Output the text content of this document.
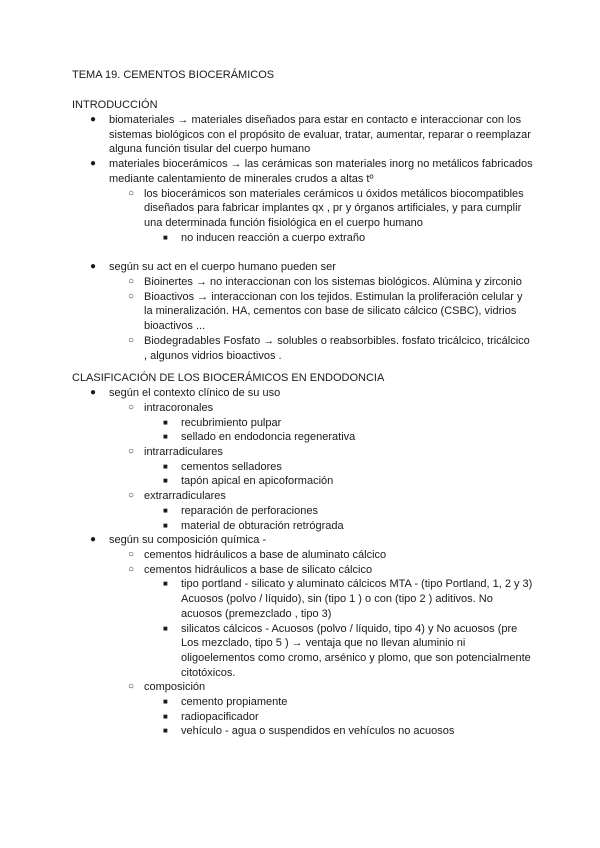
TEMA 19. CEMENTOS BIOCERÁMICOS
INTRODUCCIÓN
● biomateriales → materiales diseñados para estar en contacto e interaccionar con los sistemas biológicos con el propósito de evaluar, tratar, aumentar, reparar o reemplazar alguna función tisular del cuerpo humano
● materiales biocerámicos → las cerámicas son materiales inorg no metálicos fabricados mediante calentamiento de minerales crudos a altas tº
○ los biocerámicos son materiales cerámicos u óxidos metálicos biocompatibles diseñados para fabricar implantes qx , pr y órganos artificiales, y para cumplir una determinada función fisiológica en el cuerpo humano
■ no inducen reacción a cuerpo extraño
● según su act en el cuerpo humano pueden ser
○ Bioinertes → no interaccionan con los sistemas biológicos. Alúmina y zirconio
○ Bioactivos → interaccionan con los tejidos. Estimulan la proliferación celular y la mineralización. HA, cementos con base de silicato cálcico (CSBC), vidrios bioactivos ...
○ Biodegradables Fosfato → solubles o reabsorbibles. fosfato tricálcico, tricálcico , algunos vidrios bioactivos .
CLASIFICACIÓN DE LOS BIOCERÁMICOS EN ENDODONCIA
● según el contexto clínico de su uso
○ intracoronales
■ recubrimiento pulpar
■ sellado en endodoncia regenerativa
○ intrarradiculares
■ cementos selladores
■ tapón apical en apicoformación
○ extrarradiculares
■ reparación de perforaciones
■ material de obturación retrógrada
● según su composición química -
○ cementos hidráulicos a base de aluminato cálcico
○ cementos hidráulicos a base de silicato cálcico
■ tipo portland - silicato y aluminato cálcicos MTA - (tipo Portland, 1, 2 y 3) Acuosos (polvo / líquido), sin (tipo 1 ) o con (tipo 2 ) aditivos. No acuosos (premezclado , tipo 3)
■ silicatos cálcicos - Acuosos (polvo / líquido, tipo 4) y No acuosos (pre Los mezclado, tipo 5 ) → ventaja que no llevan aluminio ni oligoelementos como cromo, arsénico y plomo, que son potencialmente citotóxicos.
○ composición
■ cemento propiamente
■ radiopacificador
■ vehículo - agua o suspendidos en vehículos no acuosos
